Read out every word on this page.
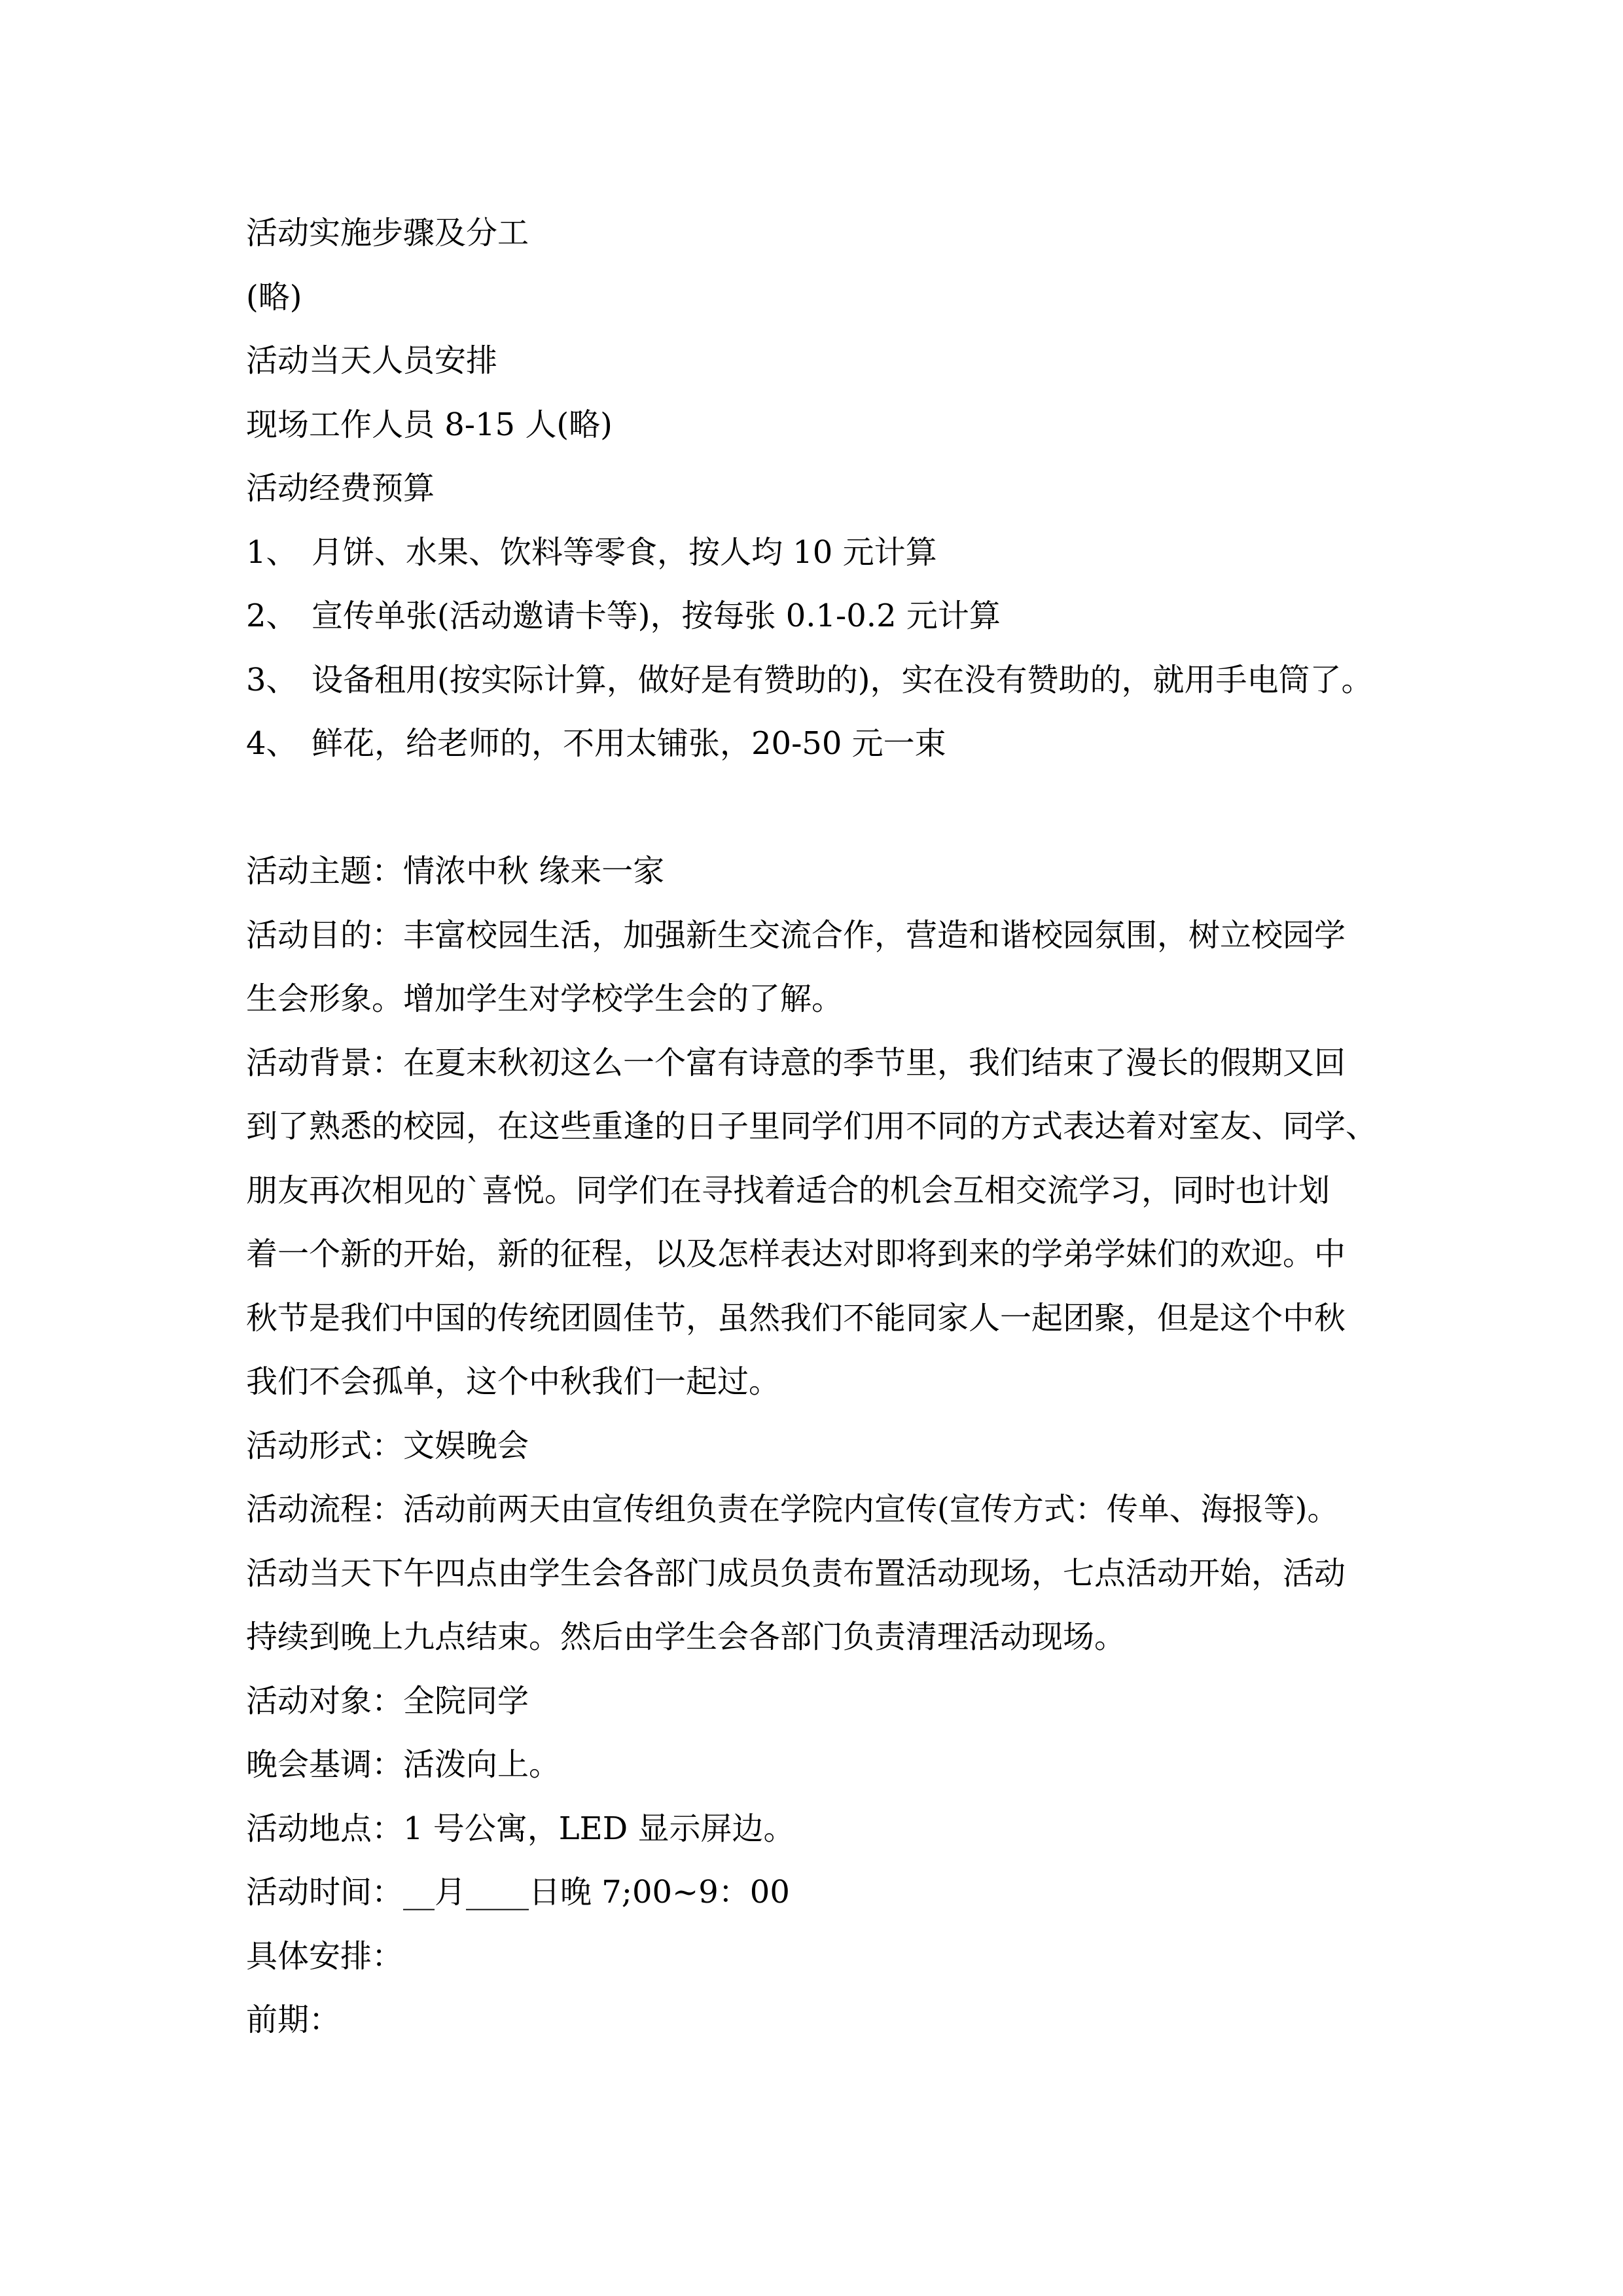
活动实施步骤及分工
(略)
活动当天人员安排
现场工作人员 8-15 人(略)
活动经费预算
1、 月饼、水果、饮料等零食，按人均 10 元计算
2、 宣传单张(活动邀请卡等)，按每张 0.1-0.2 元计算
3、 设备租用(按实际计算，做好是有赞助的)，实在没有赞助的，就用手电筒了。
4、 鲜花，给老师的，不用太铺张，20-50 元一束
活动主题：情浓中秋 缘来一家
活动目的：丰富校园生活，加强新生交流合作，营造和谐校园氛围，树立校园学
生会形象。增加学生对学校学生会的了解。
活动背景：在夏末秋初这么一个富有诗意的季节里，我们结束了漫长的假期又回
到了熟悉的校园，在这些重逢的日子里同学们用不同的方式表达着对室友、同学、
朋友再次相见的`喜悦。同学们在寻找着适合的机会互相交流学习，同时也计划
着一个新的开始，新的征程，以及怎样表达对即将到来的学弟学妹们的欢迎。中
秋节是我们中国的传统团圆佳节，虽然我们不能同家人一起团聚，但是这个中秋
我们不会孤单，这个中秋我们一起过。
活动形式：文娱晚会
活动流程：活动前两天由宣传组负责在学院内宣传(宣传方式：传单、海报等)。
活动当天下午四点由学生会各部门成员负责布置活动现场，七点活动开始，活动
持续到晚上九点结束。然后由学生会各部门负责清理活动现场。
活动对象：全院同学
晚会基调：活泼向上。
活动地点：1 号公寓，LED 显示屏边。
活动时间：__月____日晚 7;00~9：00
具体安排：
前期：
